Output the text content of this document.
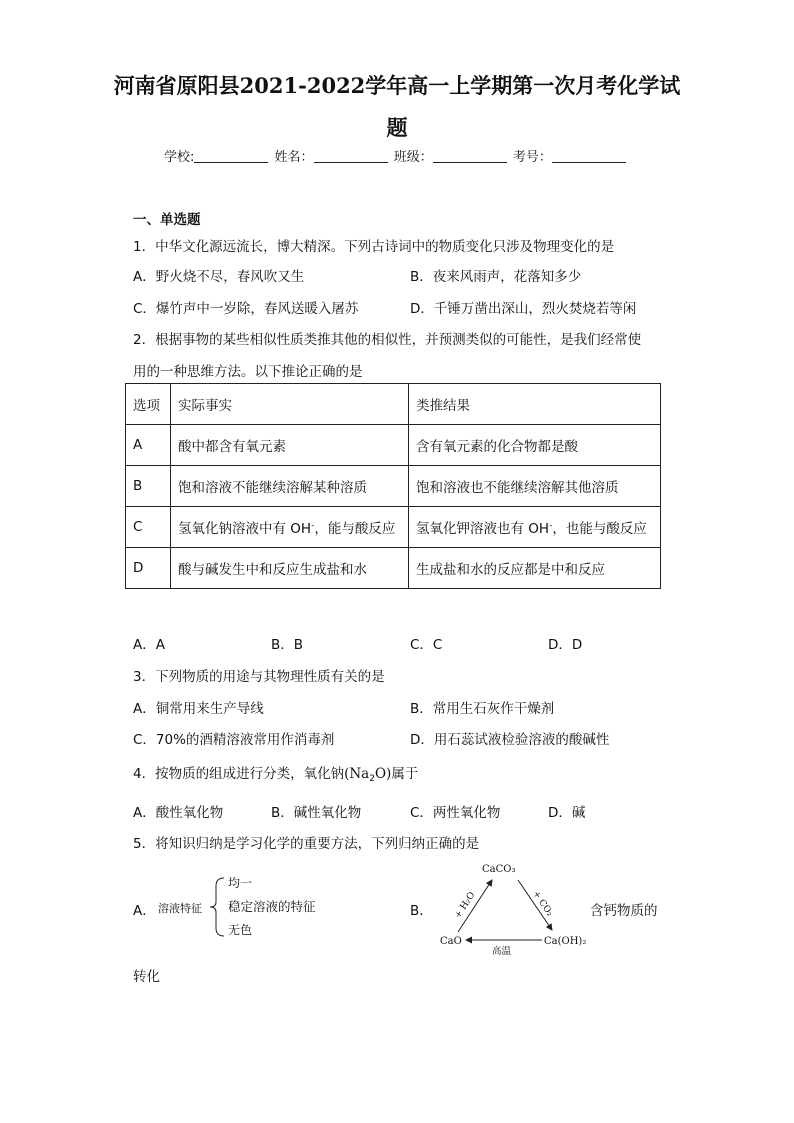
河南省原阳县2021-2022学年高一上学期第一次月考化学试
题
学校:	姓名：	班级：	考号：
一、单选题
1．中华文化源远流长，博大精深。下列古诗词中的物质变化只涉及物理变化的是
A．野火烧不尽，春风吹又生	B．夜来风雨声，花落知多少
C．爆竹声中一岁除，春风送暖入屠苏	D．千锤万凿出深山，烈火焚烧若等闲
2．根据事物的某些相似性质类推其他的相似性，并预测类似的可能性，是我们经常使
用的一种思维方法。以下推论正确的是
选项	实际事实	类推结果
A	酸中都含有氧元素	含有氧元素的化合物都是酸
B	饱和溶液不能继续溶解某种溶质	饱和溶液也不能继续溶解其他溶质
C	氢氧化钠溶液中有 OH-，能与酸反应	氢氧化钾溶液也有 OH-，也能与酸反应
D	酸与碱发生中和反应生成盐和水	生成盐和水的反应都是中和反应
A．A	B．B	C．C	D．D
3．下列物质的用途与其物理性质有关的是
A．铜常用来生产导线	B．常用生石灰作干燥剂
C．70%的酒精溶液常用作消毒剂	D．用石蕊试液检验溶液的酸碱性
4．按物质的组成进行分类，氧化钠$(Na_2O)$属于
A．酸性氧化物	B．碱性氧化物	C．两性氧化物	D．碱
5．将知识归纳是学习化学的重要方法，下列归纳正确的是
A． 溶液特征
均一
稳定溶液的特征
无色
B．
CaCO₃
CaO	Ca(OH)₂
+ H₂O	+ CO₂
高温
含钙物质的
转化
